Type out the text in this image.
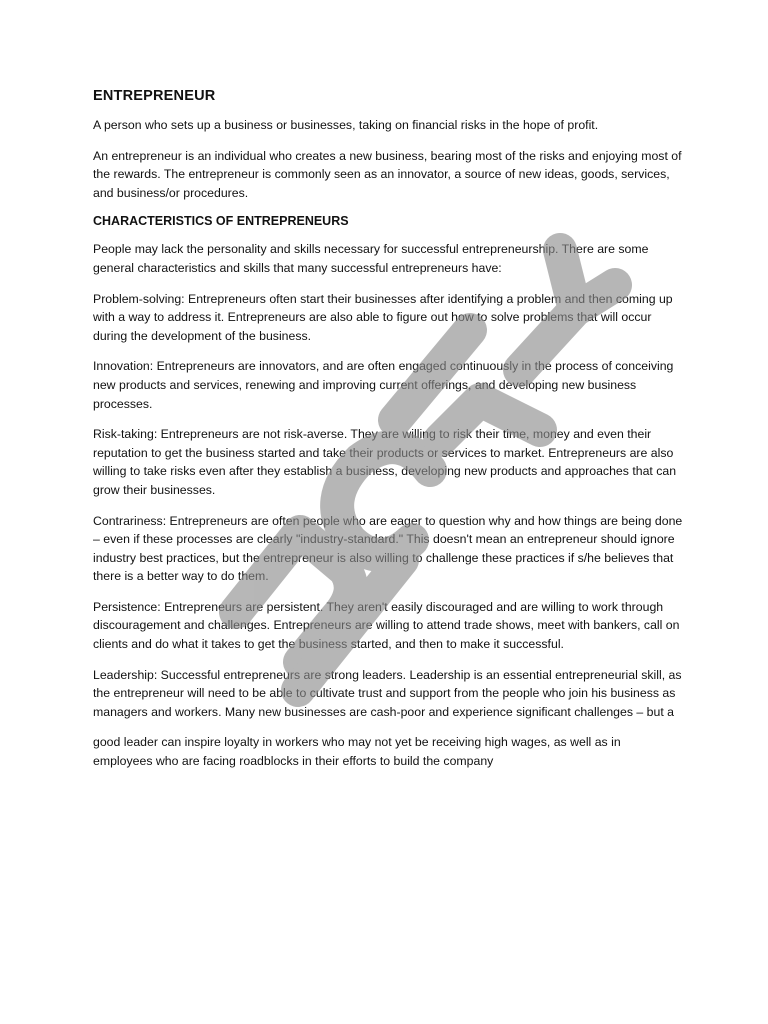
ENTREPRENEUR

A person who sets up a business or businesses, taking on financial risks in the hope of profit.

An entrepreneur is an individual who creates a new business, bearing most of the risks and enjoying most of the rewards. The entrepreneur is commonly seen as an innovator, a source of new ideas, goods, services, and business/or procedures.

CHARACTERISTICS OF ENTREPRENEURS

People may lack the personality and skills necessary for successful entrepreneurship. There are some general characteristics and skills that many successful entrepreneurs have:

Problem-solving: Entrepreneurs often start their businesses after identifying a problem and then coming up with a way to address it. Entrepreneurs are also able to figure out how to solve problems that will occur during the development of the business.

Innovation: Entrepreneurs are innovators, and are often engaged continuously in the process of conceiving new products and services, renewing and improving current offerings, and developing new business processes.

Risk-taking: Entrepreneurs are not risk-averse. They are willing to risk their time, money and even their reputation to get the business started and take their products or services to market. Entrepreneurs are also willing to take risks even after they establish a business, developing new products and approaches that can grow their businesses.

Contrariness: Entrepreneurs are often people who are eager to question why and how things are being done – even if these processes are clearly "industry-standard." This doesn't mean an entrepreneur should ignore industry best practices, but the entrepreneur is also willing to challenge these practices if s/he believes that there is a better way to do them.

Persistence: Entrepreneurs are persistent. They aren't easily discouraged and are willing to work through discouragement and challenges. Entrepreneurs are willing to attend trade shows, meet with bankers, call on clients and do what it takes to get the business started, and then to make it successful.

Leadership: Successful entrepreneurs are strong leaders. Leadership is an essential entrepreneurial skill, as the entrepreneur will need to be able to cultivate trust and support from the people who join his business as managers and workers. Many new businesses are cash-poor and experience significant challenges – but a

good leader can inspire loyalty in workers who may not yet be receiving high wages, as well as in employees who are facing roadblocks in their efforts to build the company
